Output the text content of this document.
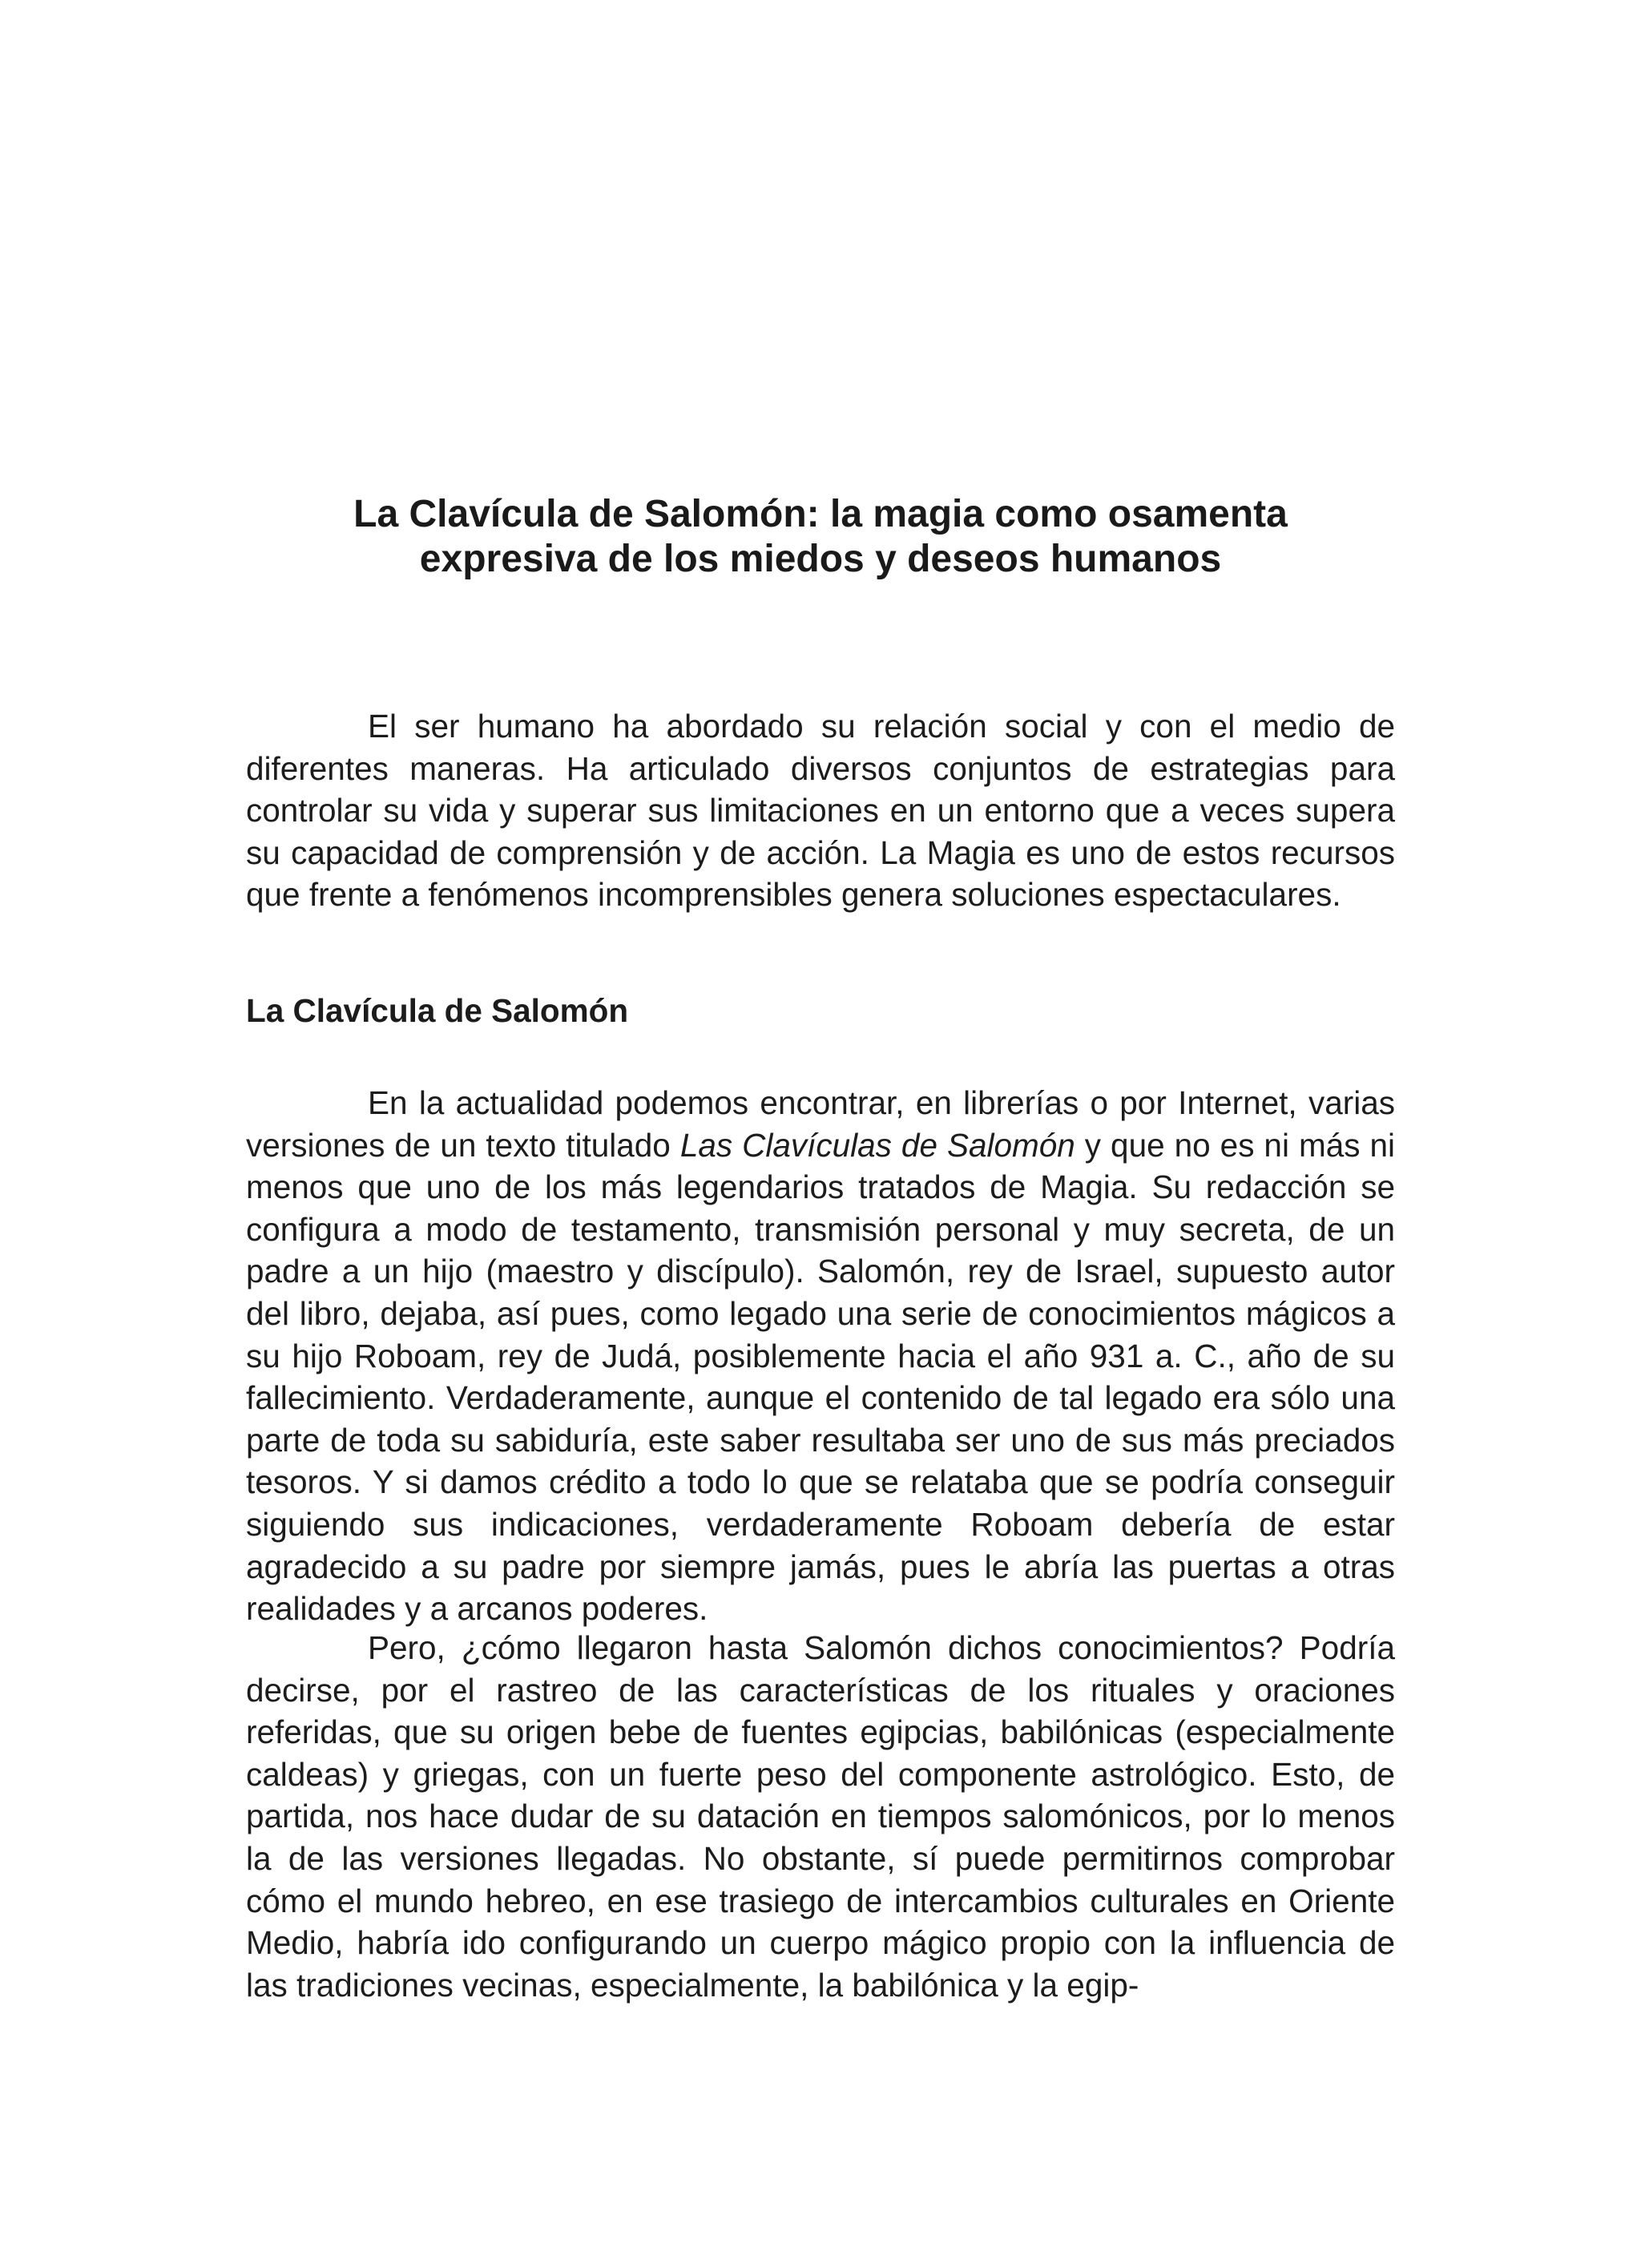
La Clavícula de Salomón: la magia como osamenta
expresiva de los miedos y deseos humanos

El ser humano ha abordado su relación social y con el medio de diferentes maneras. Ha articulado diversos conjuntos de estrategias para controlar su vida y superar sus limitaciones en un entorno que a veces supera su capacidad de comprensión y de acción. La Magia es uno de estos recursos que frente a fenómenos incomprensibles genera soluciones espectaculares.

La Clavícula de Salomón

En la actualidad podemos encontrar, en librerías o por Internet, varias versiones de un texto titulado Las Clavículas de Salomón y que no es ni más ni menos que uno de los más legendarios tratados de Magia. Su redacción se configura a modo de testamento, transmisión personal y muy secreta, de un padre a un hijo (maestro y discípulo). Salomón, rey de Israel, supuesto autor del libro, dejaba, así pues, como legado una serie de conocimientos mágicos a su hijo Roboam, rey de Judá, posiblemente hacia el año 931 a. C., año de su fallecimiento. Verdaderamente, aunque el contenido de tal legado era sólo una parte de toda su sabiduría, este saber resultaba ser uno de sus más preciados tesoros. Y si damos crédito a todo lo que se relataba que se podría conseguir siguiendo sus indicaciones, verdaderamente Roboam debería de estar agradecido a su padre por siempre jamás, pues le abría las puertas a otras realidades y a arcanos poderes.

Pero, ¿cómo llegaron hasta Salomón dichos conocimientos? Podría decirse, por el rastreo de las características de los rituales y oraciones referidas, que su origen bebe de fuentes egipcias, babilónicas (especialmente caldeas) y griegas, con un fuerte peso del componente astrológico. Esto, de partida, nos hace dudar de su datación en tiempos salomónicos, por lo menos la de las versiones llegadas. No obstante, sí puede permitirnos comprobar cómo el mundo hebreo, en ese trasiego de intercambios culturales en Oriente Medio, habría ido configurando un cuerpo mágico propio con la influencia de las tradiciones vecinas, especialmente, la babilónica y la egip-
